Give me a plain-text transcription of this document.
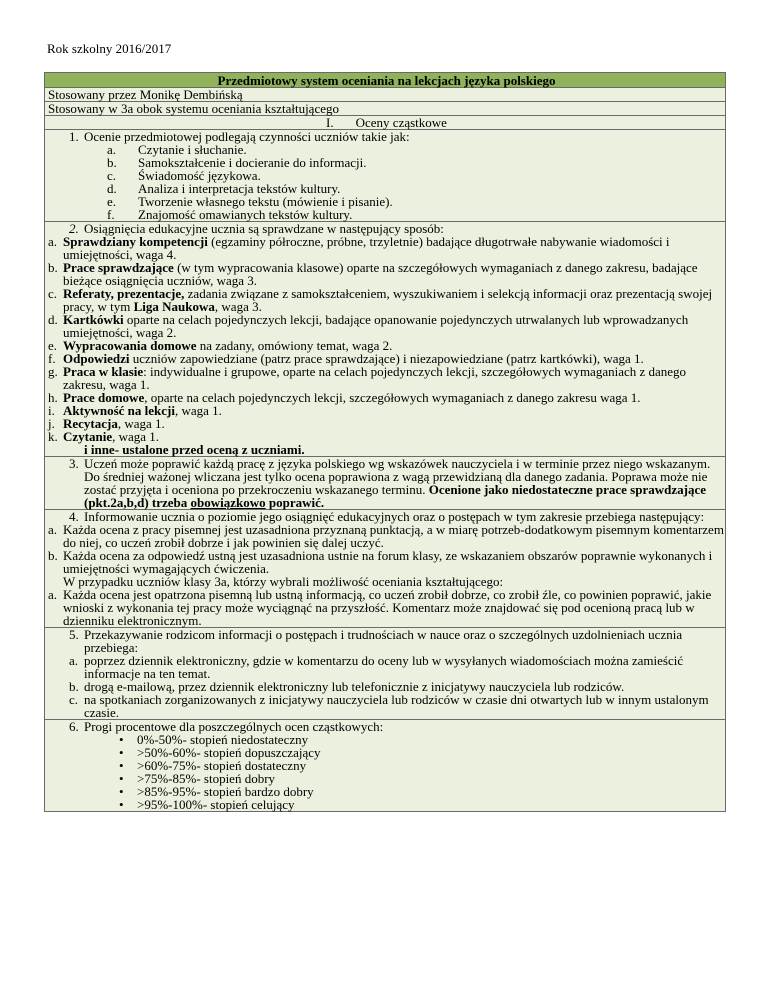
Rok szkolny 2016/2017
Przedmiotowy system oceniania na lekcjach języka polskiego
Stosowany przez Monikę Dembińską
Stosowany w 3a obok systemu oceniania kształtującego
I. Oceny cząstkowe
1. Ocenie przedmiotowej podlegają czynności uczniów takie jak:
a.	Czytanie i słuchanie.
b.	Samokształcenie i docieranie do informacji.
c.	Świadomość językowa.
d.	Analiza i interpretacja tekstów kultury.
e.	Tworzenie własnego tekstu (mówienie i pisanie).
f.	Znajomość omawianych tekstów kultury.
2. Osiągnięcia edukacyjne ucznia są sprawdzane w następujący sposób:
a. Sprawdziany kompetencji (egzaminy półroczne, próbne, trzyletnie) badające długotrwałe nabywanie wiadomości i umiejętności, waga 4.
b. Prace sprawdzające (w tym wypracowania klasowe) oparte na szczegółowych wymaganiach z danego zakresu, badające bieżące osiągnięcia uczniów, waga 3.
c. Referaty, prezentacje, zadania związane z samokształceniem, wyszukiwaniem i selekcją informacji oraz prezentacją swojej pracy, w tym Liga Naukowa, waga 3.
d. Kartkówki oparte na celach pojedynczych lekcji, badające opanowanie pojedynczych utrwalanych lub wprowadzanych umiejętności, waga 2.
e. Wypracowania domowe na zadany, omówiony temat, waga 2.
f. Odpowiedzi uczniów zapowiedziane (patrz prace sprawdzające) i niezapowiedziane (patrz kartkówki), waga 1.
g. Praca w klasie: indywidualne i grupowe, oparte na celach pojedynczych lekcji, szczegółowych wymaganiach z danego zakresu, waga 1.
h. Prace domowe, oparte na celach pojedynczych lekcji, szczegółowych wymaganiach z danego zakresu waga 1.
i. Aktywność na lekcji, waga 1.
j. Recytacja, waga 1.
k. Czytanie, waga 1.
i inne- ustalone przed oceną z uczniami.
3. Uczeń może poprawić każdą pracę z języka polskiego wg wskazówek nauczyciela i w terminie przez niego wskazanym. Do średniej ważonej wliczana jest tylko ocena poprawiona z wagą przewidzianą dla danego zadania. Poprawa może nie zostać przyjęta i oceniona po przekroczeniu wskazanego terminu. Ocenione jako niedostateczne prace sprawdzające (pkt.2a,b,d) trzeba obowiązkowo poprawić.
4. Informowanie ucznia o poziomie jego osiągnięć edukacyjnych oraz o postępach w tym zakresie przebiega następujący:
a. Każda ocena z pracy pisemnej jest uzasadniona przyznaną punktacją, a w miarę potrzeb-dodatkowym pisemnym komentarzem do niej, co uczeń zrobił dobrze i jak powinien się dalej uczyć.
b. Każda ocena za odpowiedź ustną jest uzasadniona ustnie na forum klasy, ze wskazaniem obszarów poprawnie wykonanych i umiejętności wymagających ćwiczenia.
W przypadku uczniów klasy 3a, którzy wybrali możliwość oceniania kształtującego:
a. Każda ocena jest opatrzona pisemną lub ustną informacją, co uczeń zrobił dobrze, co zrobił źle, co powinien poprawić, jakie wnioski z wykonania tej pracy może wyciągnąć na przyszłość. Komentarz może znajdować się pod ocenioną pracą lub w dzienniku elektronicznym.
5. Przekazywanie rodzicom informacji o postępach i trudnościach w nauce oraz o szczególnych uzdolnieniach ucznia przebiega:
a. poprzez dziennik elektroniczny, gdzie w komentarzu do oceny lub w wysyłanych wiadomościach można zamieścić informacje na ten temat.
b. drogą e-mailową, przez dziennik elektroniczny lub telefonicznie z inicjatywy nauczyciela lub rodziców.
c. na spotkaniach zorganizowanych z inicjatywy nauczyciela lub rodziców w czasie dni otwartych lub w innym ustalonym czasie.
6. Progi procentowe dla poszczególnych ocen cząstkowych:
• 0%-50%- stopień niedostateczny
• >50%-60%- stopień dopuszczający
• >60%-75%- stopień dostateczny
• >75%-85%- stopień dobry
• >85%-95%- stopień bardzo dobry
• >95%-100%- stopień celujący
